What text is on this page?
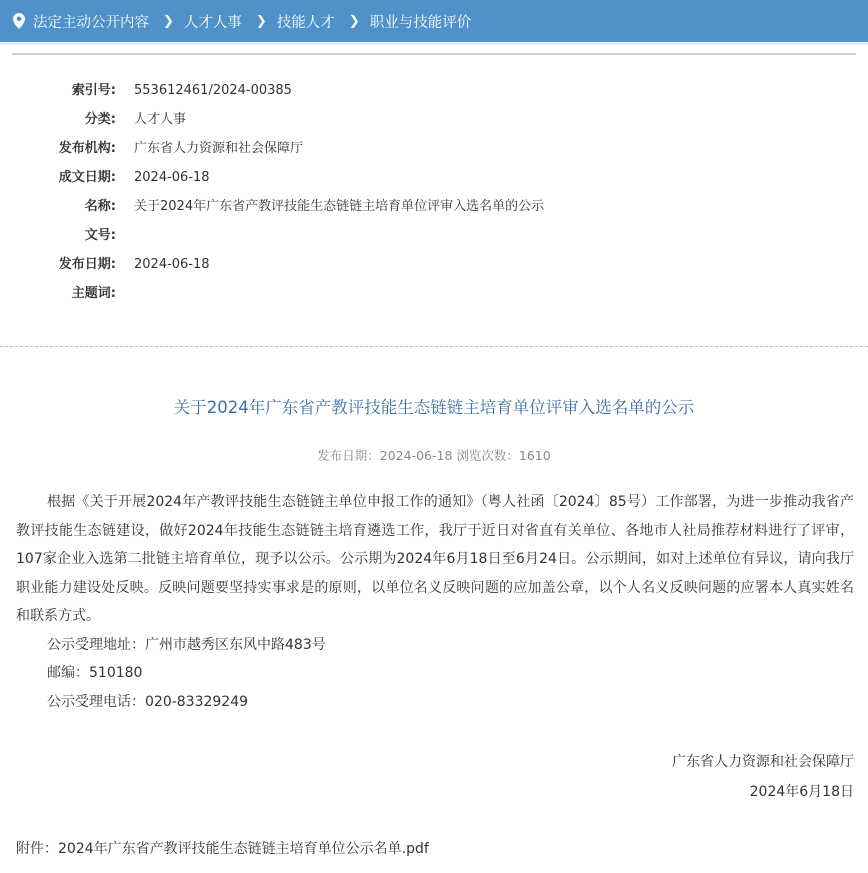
法定主动公开内容 ❯ 人才人事 ❯ 技能人才 ❯ 职业与技能评价
索引号: 553612461/2024-00385
分类: 人才人事
发布机构: 广东省人力资源和社会保障厅
成文日期: 2024-06-18
名称: 关于2024年广东省产教评技能生态链链主培育单位评审入选名单的公示
文号:
发布日期: 2024-06-18
主题词:
关于2024年广东省产教评技能生态链链主培育单位评审入选名单的公示
发布日期：2024-06-18 浏览次数：1610

根据《关于开展2024年产教评技能生态链链主单位申报工作的通知》（粤人社函〔2024〕85号）工作部署，为进一步推动我省产教评技能生态链建设，做好2024年技能生态链链主培育遴选工作，我厅于近日对省直有关单位、各地市人社局推荐材料进行了评审，107家企业入选第二批链主培育单位，现予以公示。公示期为2024年6月18日至6月24日。公示期间，如对上述单位有异议，请向我厅职业能力建设处反映。反映问题要坚持实事求是的原则，以单位名义反映问题的应加盖公章，以个人名义反映问题的应署本人真实姓名和联系方式。

公示受理地址：广州市越秀区东风中路483号

邮编：510180

公示受理电话：020-83329249

广东省人力资源和社会保障厅
2024年6月18日
附件：2024年广东省产教评技能生态链链主培育单位公示名单.pdf
